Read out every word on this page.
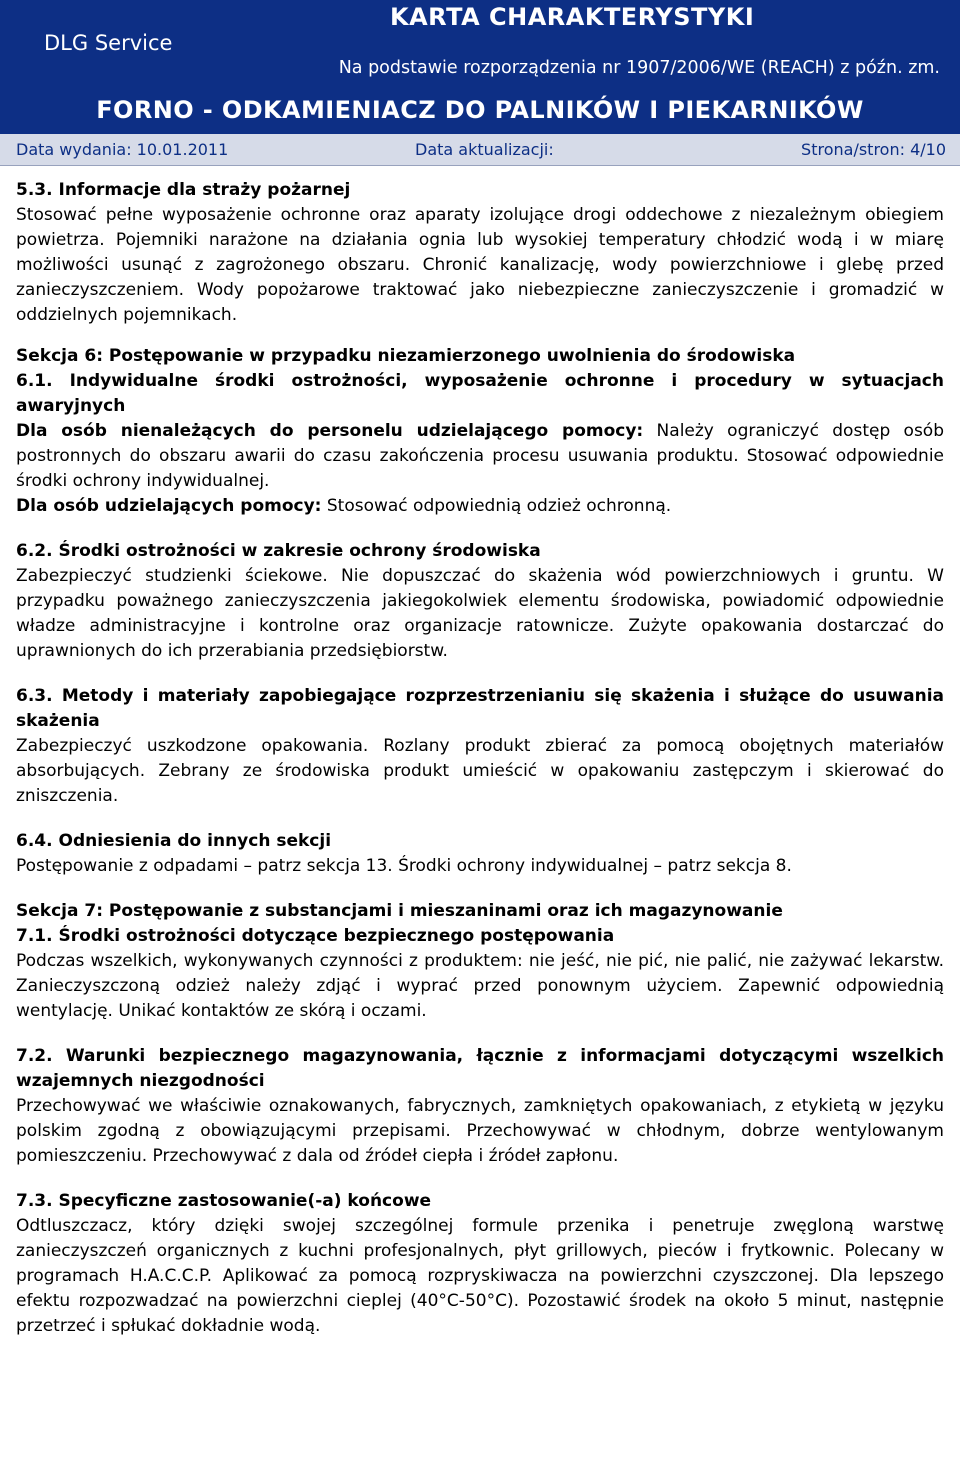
DLG Service
KARTA CHARAKTERYSTYKI
Na podstawie rozporządzenia nr 1907/2006/WE (REACH) z późn. zm.
FORNO - ODKAMIENIACZ DO PALNIKÓW I PIEKARNIKÓW
Data wydania: 10.01.2011	Data aktualizacji:	Strona/stron: 4/10
5.3. Informacje dla straży pożarnej

Stosować pełne wyposażenie ochronne oraz aparaty izolujące drogi oddechowe z niezależnym obiegiem powietrza. Pojemniki narażone na działania ognia lub wysokiej temperatury chłodzić wodą i w miarę możliwości usunąć z zagrożonego obszaru. Chronić kanalizację, wody powierzchniowe i glebę przed zanieczyszczeniem. Wody popożarowe traktować jako niebezpieczne zanieczyszczenie i gromadzić w oddzielnych pojemnikach.

Sekcja 6: Postępowanie w przypadku niezamierzonego uwolnienia do środowiska
6.1. Indywidualne środki ostrożności, wyposażenie ochronne i procedury w sytuacjach awaryjnych

Dla osób nienależących do personelu udzielającego pomocy: Należy ograniczyć dostęp osób postronnych do obszaru awarii do czasu zakończenia procesu usuwania produktu. Stosować odpowiednie środki ochrony indywidualnej.

Dla osób udzielających pomocy: Stosować odpowiednią odzież ochronną.

6.2. Środki ostrożności w zakresie ochrony środowiska

Zabezpieczyć studzienki ściekowe. Nie dopuszczać do skażenia wód powierzchniowych i gruntu. W przypadku poważnego zanieczyszczenia jakiegokolwiek elementu środowiska, powiadomić odpowiednie władze administracyjne i kontrolne oraz organizacje ratownicze. Zużyte opakowania dostarczać do uprawnionych do ich przerabiania przedsiębiorstw.

6.3. Metody i materiały zapobiegające rozprzestrzenianiu się skażenia i służące do usuwania skażenia

Zabezpieczyć uszkodzone opakowania. Rozlany produkt zbierać za pomocą obojętnych materiałów absorbujących. Zebrany ze środowiska produkt umieścić w opakowaniu zastępczym i skierować do zniszczenia.

6.4. Odniesienia do innych sekcji

Postępowanie z odpadami – patrz sekcja 13. Środki ochrony indywidualnej – patrz sekcja 8.

Sekcja 7: Postępowanie z substancjami i mieszaninami oraz ich magazynowanie
7.1. Środki ostrożności dotyczące bezpiecznego postępowania

Podczas wszelkich, wykonywanych czynności z produktem: nie jeść, nie pić, nie palić, nie zażywać lekarstw. Zanieczyszczoną odzież należy zdjąć i wyprać przed ponownym użyciem. Zapewnić odpowiednią wentylację. Unikać kontaktów ze skórą i oczami.

7.2. Warunki bezpiecznego magazynowania, łącznie z informacjami dotyczącymi wszelkich wzajemnych niezgodności

Przechowywać we właściwie oznakowanych, fabrycznych, zamkniętych opakowaniach, z etykietą w języku polskim zgodną z obowiązującymi przepisami. Przechowywać w chłodnym, dobrze wentylowanym pomieszczeniu. Przechowywać z dala od źródeł ciepła i źródeł zapłonu.

7.3. Specyficzne zastosowanie(-a) końcowe

Odtluszczacz, który dzięki swojej szczególnej formule przenika i penetruje zwęgloną warstwę zanieczyszczeń organicznych z kuchni profesjonalnych, płyt grillowych, pieców i frytkownic. Polecany w programach H.A.C.C.P. Aplikować za pomocą rozpryskiwacza na powierzchni czyszczonej. Dla lepszego efektu rozpozwadzać na powierzchni cieplej (40°C-50°C). Pozostawić środek na około 5 minut, następnie przetrzeć i spłukać dokładnie wodą.
